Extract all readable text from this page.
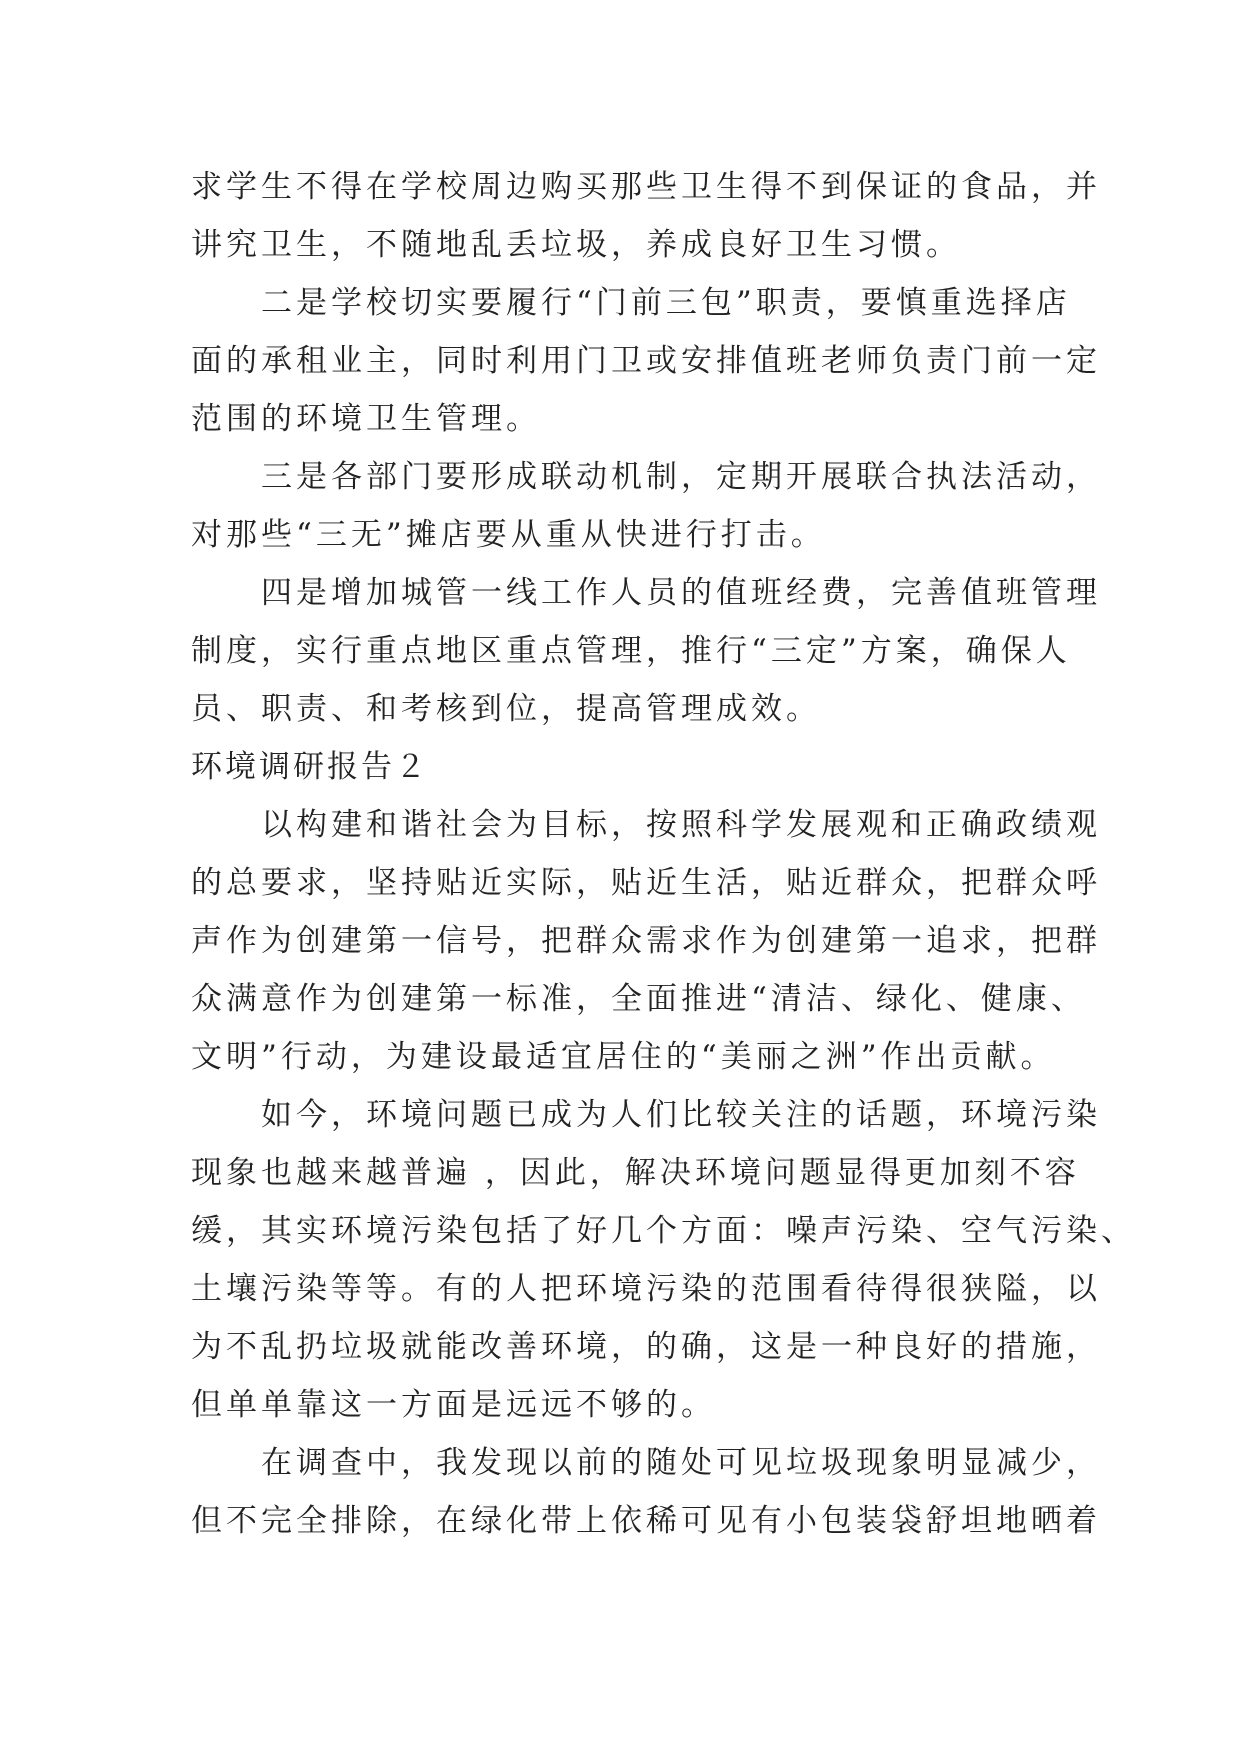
求学生不得在学校周边购买那些卫生得不到保证的食品，并
讲究卫生，不随地乱丢垃圾，养成良好卫生习惯。
二是学校切实要履行“门前三包”职责，要慎重选择店
面的承租业主，同时利用门卫或安排值班老师负责门前一定
范围的环境卫生管理。
三是各部门要形成联动机制，定期开展联合执法活动，
对那些“三无”摊店要从重从快进行打击。
四是增加城管一线工作人员的值班经费，完善值班管理
制度，实行重点地区重点管理，推行“三定”方案，确保人
员、职责、和考核到位，提高管理成效。
环境调研报告２
以构建和谐社会为目标，按照科学发展观和正确政绩观
的总要求，坚持贴近实际，贴近生活，贴近群众，把群众呼
声作为创建第一信号，把群众需求作为创建第一追求，把群
众满意作为创建第一标准，全面推进“清洁、绿化、健康、
文明”行动，为建设最适宜居住的“美丽之洲”作出贡献。
如今，环境问题已成为人们比较关注的话题，环境污染
现象也越来越普遍 ，因此，解决环境问题显得更加刻不容
缓，其实环境污染包括了好几个方面：噪声污染、空气污染、
土壤污染等等。有的人把环境污染的范围看待得很狭隘，以
为不乱扔垃圾就能改善环境，的确，这是一种良好的措施，
但单单靠这一方面是远远不够的。
在调查中，我发现以前的随处可见垃圾现象明显减少，
但不完全排除，在绿化带上依稀可见有小包装袋舒坦地晒着
